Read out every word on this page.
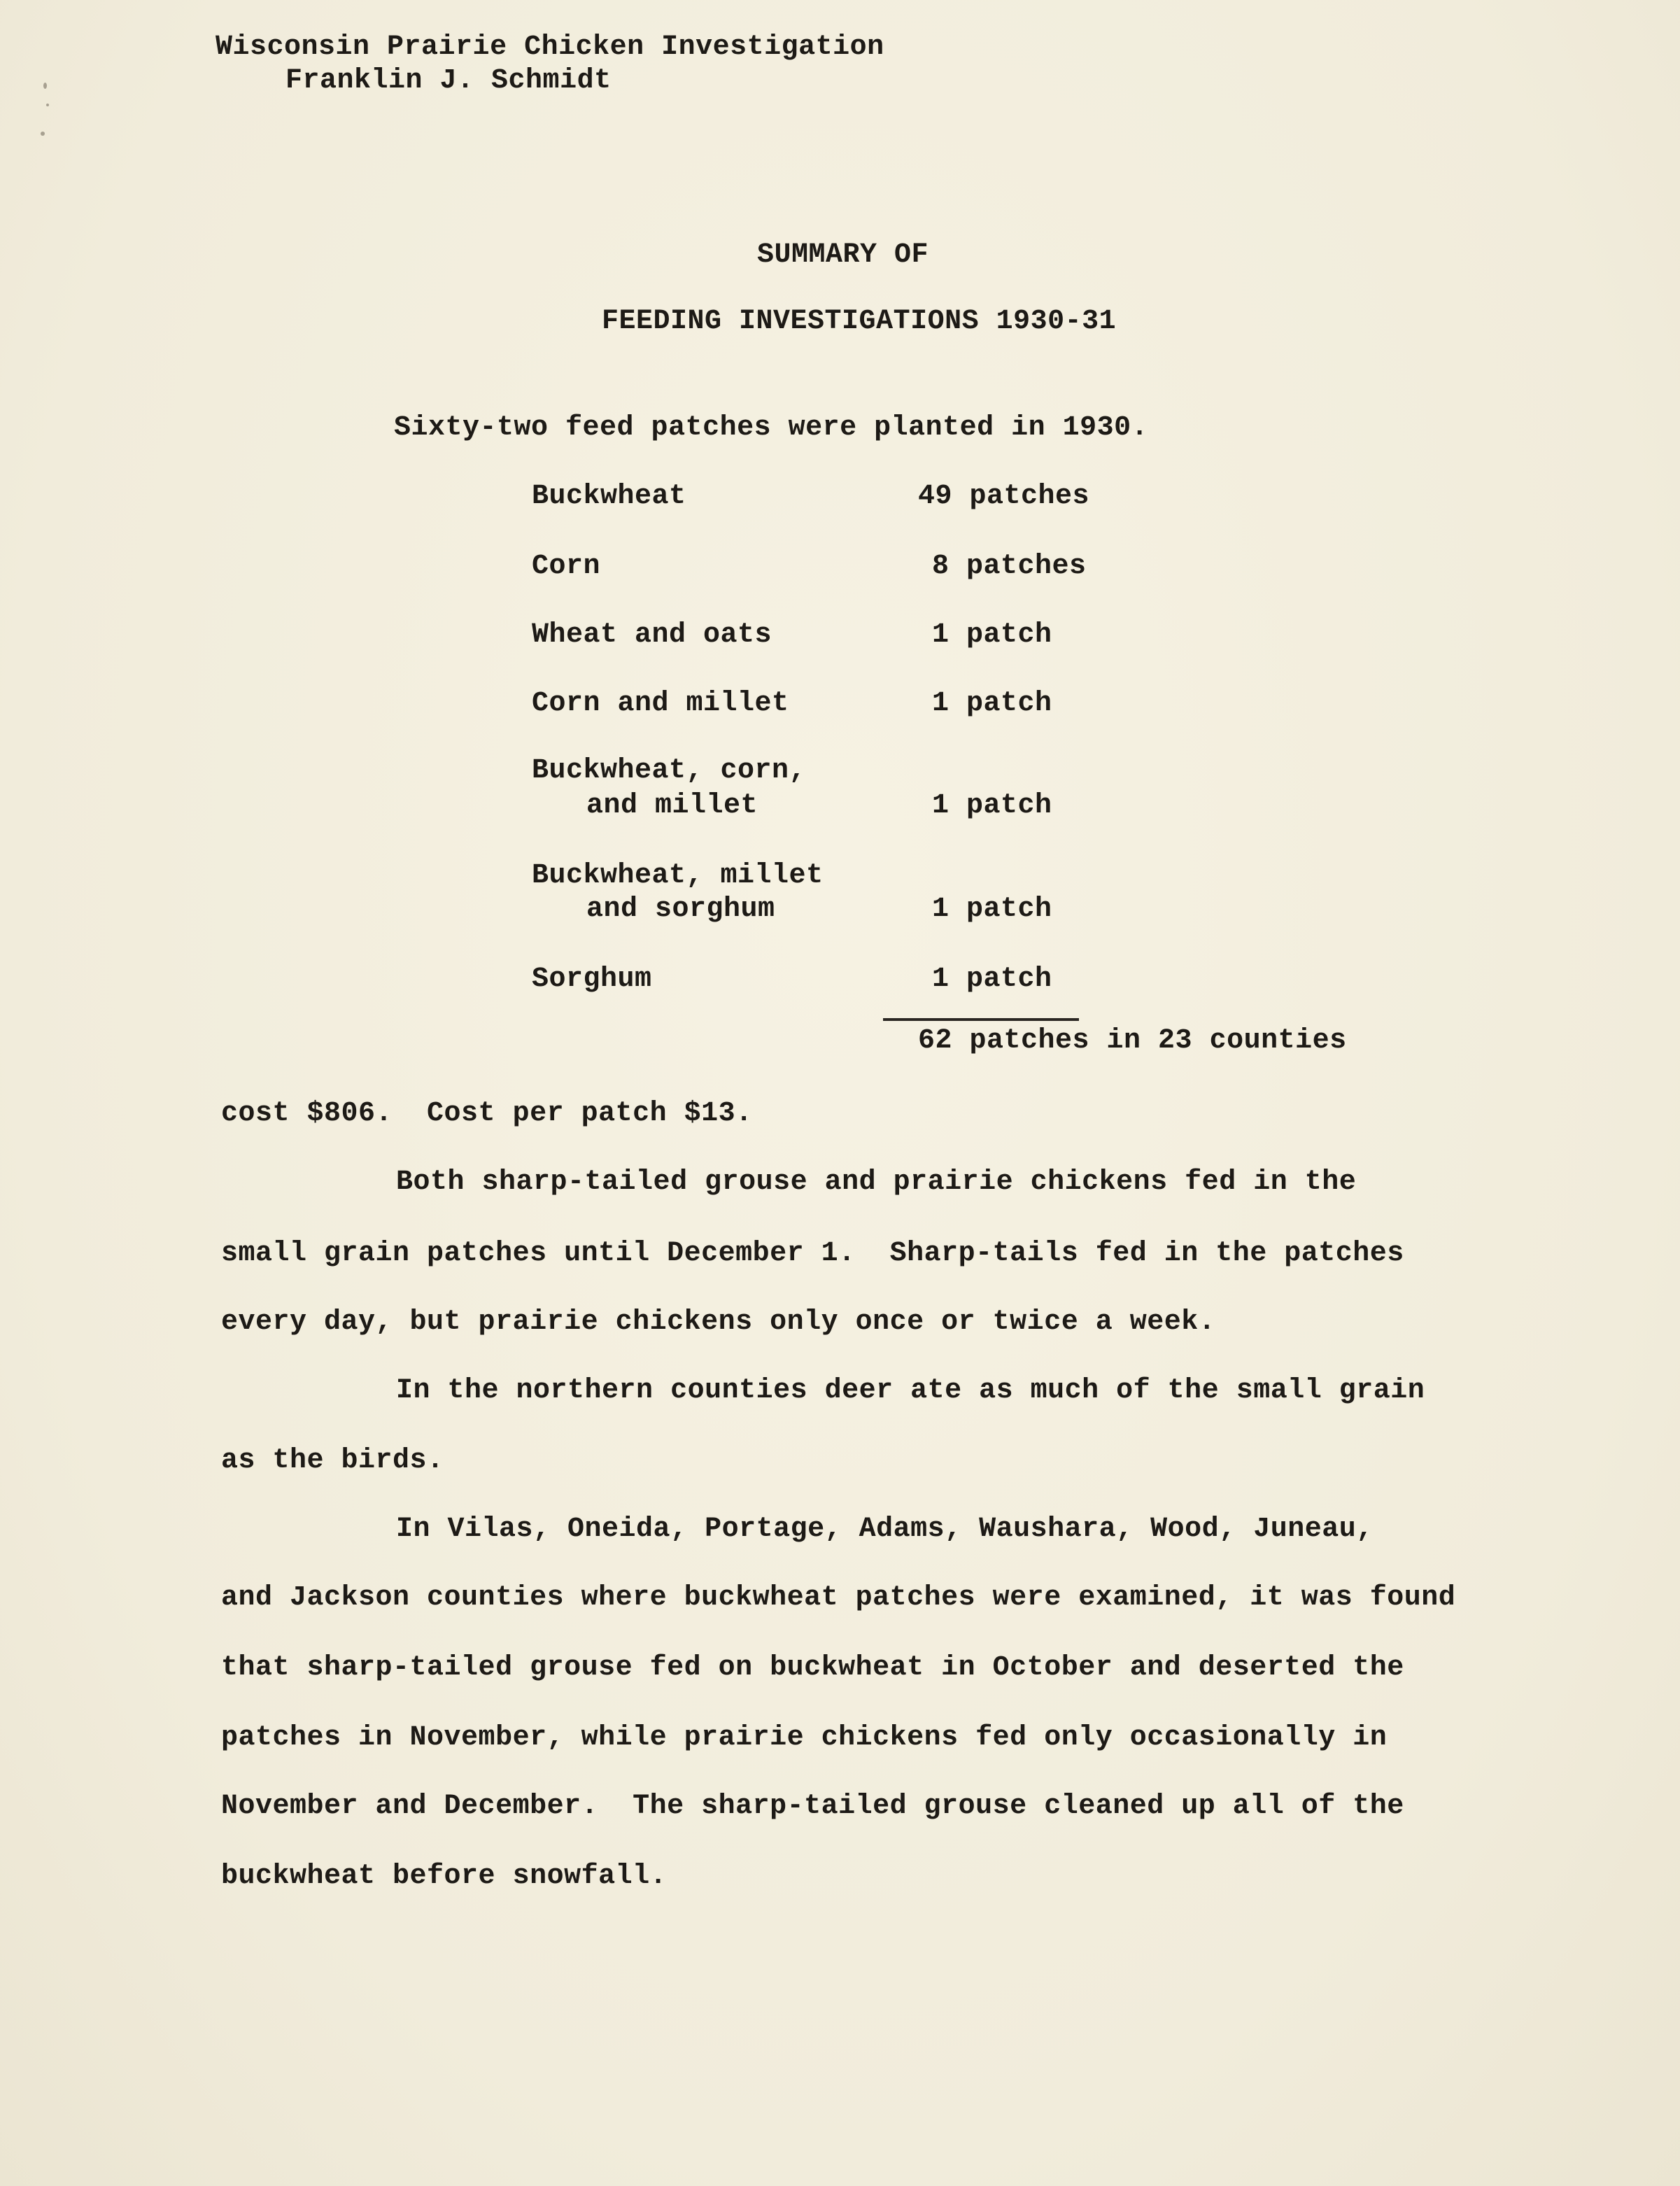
Wisconsin Prairie Chicken Investigation
Franklin J. Schmidt
SUMMARY OF
FEEDING INVESTIGATIONS 1930-31
Sixty-two feed patches were planted in 1930.
Buckwheat	49 patches
Corn	8 patches
Wheat and oats	1 patch
Corn and millet	1 patch
Buckwheat, corn,
and millet	1 patch
Buckwheat, millet
and sorghum	1 patch
Sorghum	1 patch
62 patches in 23 counties
cost $806.  Cost per patch $13.
Both sharp-tailed grouse and prairie chickens fed in the
small grain patches until December 1.  Sharp-tails fed in the patches
every day, but prairie chickens only once or twice a week.
In the northern counties deer ate as much of the small grain
as the birds.
In Vilas, Oneida, Portage, Adams, Waushara, Wood, Juneau,
and Jackson counties where buckwheat patches were examined, it was found
that sharp-tailed grouse fed on buckwheat in October and deserted the
patches in November, while prairie chickens fed only occasionally in
November and December.  The sharp-tailed grouse cleaned up all of the
buckwheat before snowfall.
